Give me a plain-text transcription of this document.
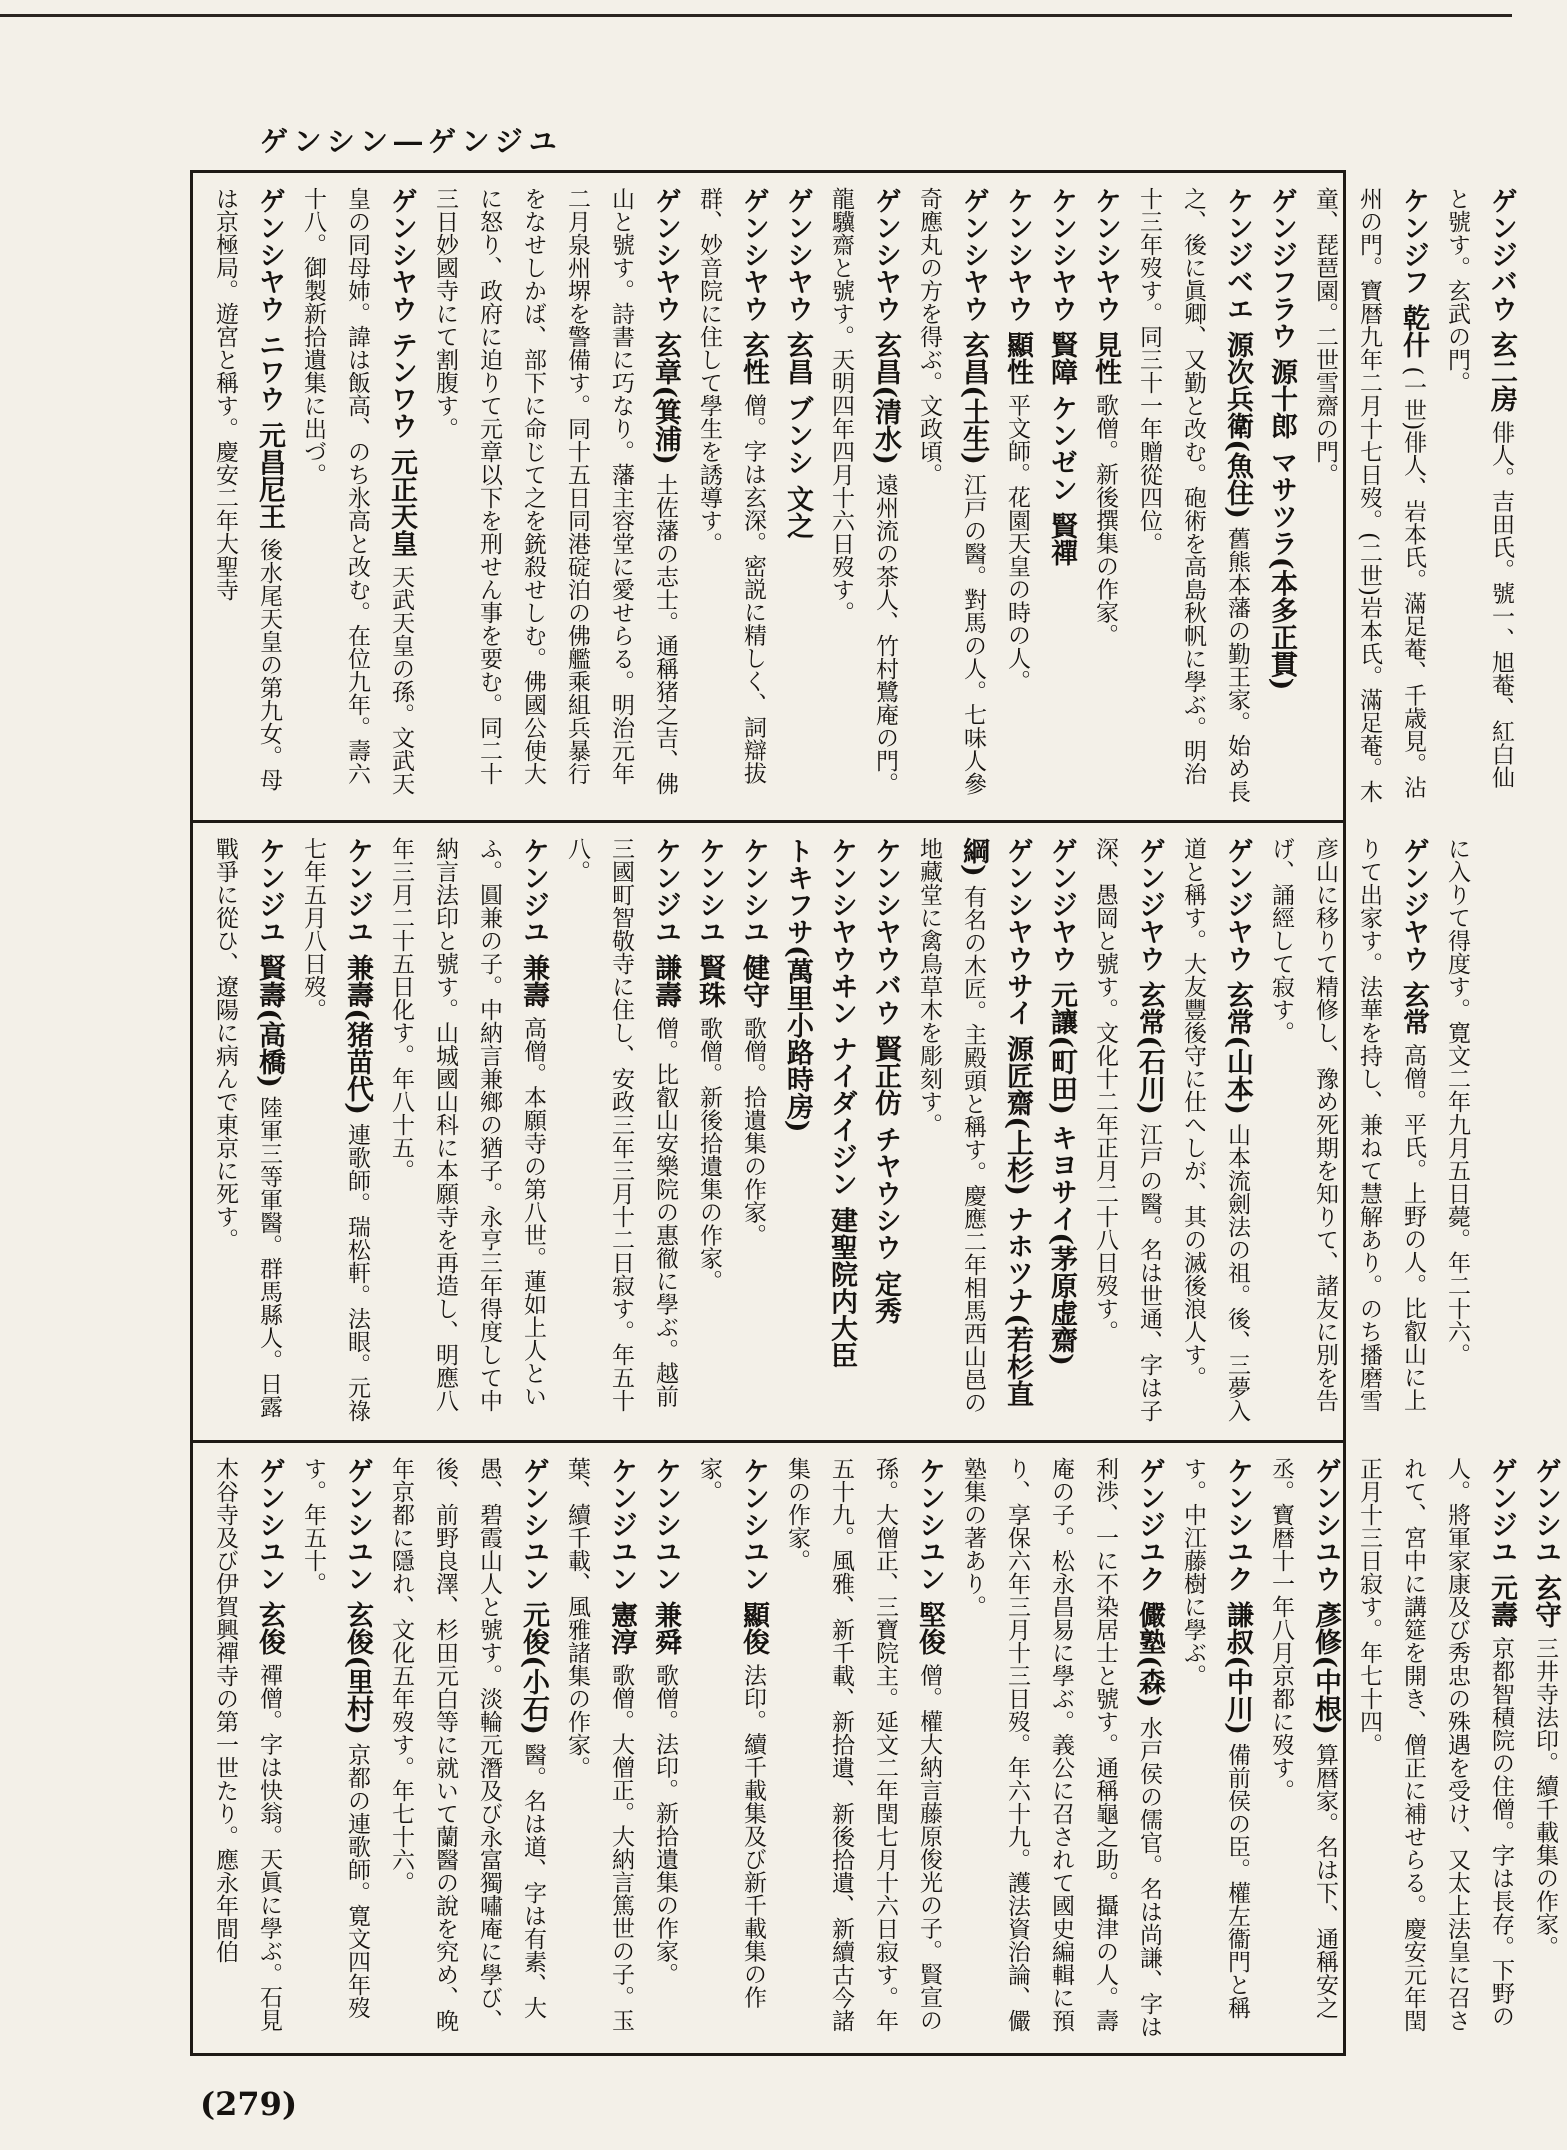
ゲンシン―ゲンジユ
ゲンジバウ 玄二房 俳人。吉田氏。號一、旭菴、紅白仙と號す。玄武の門。
ケンジフ 乾什 (一世)俳人、岩本氏。滿足菴、千歳見。沾州の門。寶暦九年二月十七日歿。(二世)岩本氏。滿足菴。木童、琵琶園。二世雪齋の門。
ゲンジフラウ 源十郎 マサツラ(本多正貫)
ケンジベエ 源次兵衛(魚住) 舊熊本藩の勤王家。始め長之、後に眞卿、又勤と改む。砲術を高島秋帆に學ぶ。明治十三年歿す。同三十一年贈從四位。
ケンシヤウ 見性 歌僧。新後撰集の作家。
ケンシヤウ 賢障 ケンゼン 賢禪
ケンシヤウ 顯性 平文師。花園天皇の時の人。
ゲンシヤウ 玄昌(土生) 江戸の醫。對馬の人。七味人參奇應丸の方を得ぶ。文政頃。
ゲンシヤウ 玄昌(清水) 遠州流の茶人、竹村鷺庵の門。龍驥齋と號す。天明四年四月十六日歿す。
ゲンシヤウ 玄昌 ブンシ 文之
ゲンシヤウ 玄性 僧。字は玄深。密説に精しく、詞辯拔群、妙音院に住して學生を誘導す。
ゲンシヤウ 玄章(箕浦) 土佐藩の志士。通稱猪之吉、佛山と號す。詩書に巧なり。藩主容堂に愛せらる。明治元年二月泉州堺を警備す。同十五日同港碇泊の佛艦乘組兵暴行をなせしかば、部下に命じて之を銃殺せしむ。佛國公使大に怒り、政府に迫りて元章以下を刑せん事を要む。同二十三日妙國寺にて割腹す。
ゲンシヤウ テンワウ 元正天皇 天武天皇の孫。文武天皇の同母姉。諱は飯高、のち氷高と改む。在位九年。壽六十八。御製新拾遺集に出づ。
ゲンシヤウ ニワウ 元昌尼王 後水尾天皇の第九女。母は京極局。遊宮と稱す。慶安二年大聖寺
に入りて得度す。寛文二年九月五日薨。年二十六。
ゲンジヤウ 玄常 高僧。平氏。上野の人。比叡山に上りて出家す。法華を持し、兼ねて慧解あり。のち播磨雪彦山に移りて精修し、豫め死期を知りて、諸友に別を告げ、誦經して寂す。
ゲンジヤウ 玄常(山本) 山本流劍法の祖。後、三夢入道と稱す。大友豐後守に仕へしが、其の滅後浪人す。
ゲンジヤウ 玄常(石川) 江戸の醫。名は世通、字は子深、愚岡と號す。文化十二年正月二十八日歿す。
ゲンジヤウ 元讓(町田) キヨサイ(茅原虚齋)
ゲンシヤウサイ 源匠齋(上杉) ナホツナ(若杉直綱) 有名の木匠。主殿頭と稱す。慶應二年相馬西山邑の地藏堂に禽鳥草木を彫刻す。
ケンシヤウバウ 賢正仿 チヤウシウ 定秀
ケンシヤウヰン ナイダイジン 建聖院内大臣
トキフサ(萬里小路時房)
ケンシユ 健守 歌僧。拾遺集の作家。
ケンシユ 賢珠 歌僧。新後拾遺集の作家。
ケンジユ 謙壽 僧。比叡山安樂院の惠徹に學ぶ。越前三國町智敬寺に住し、安政三年三月十二日寂す。年五十八。
ケンジユ 兼壽 高僧。本願寺の第八世。蓮如上人といふ。圓兼の子。中納言兼鄉の猶子。永亨三年得度して中納言法印と號す。山城國山科に本願寺を再造し、明應八年三月二十五日化す。年八十五。
ケンジユ 兼壽(猪苗代) 連歌師。瑞松軒。法眼。元祿七年五月八日歿。
ケンジユ 賢壽(高橋) 陸軍三等軍醫。群馬縣人。日露戰爭に從ひ、遼陽に病んで東京に死す。
ゲンシユ 玄守 三井寺法印。續千載集の作家。
ゲンジユ 元壽 京都智積院の住僧。字は長存。下野の人。將軍家康及び秀忠の殊遇を受け、又太上法皇に召されて、宮中に講筵を開き、僧正に補せらる。慶安元年閏正月十三日寂す。年七十四。
ゲンシユウ 彥修(中根) 算暦家。名は下、通稱安之丞。寶暦十一年八月京都に歿す。
ケンシユク 謙叔(中川) 備前侯の臣。權左衞門と稱す。中江藤樹に學ぶ。
ゲンジユク 儼塾(森) 水戸侯の儒官。名は尚謙、字は利渉、一に不染居士と號す。通稱龜之助。攝津の人。壽庵の子。松永昌易に學ぶ。義公に召されて國史編輯に預り、享保六年三月十三日歿。年六十九。護法資治論、儼塾集の著あり。
ケンシユン 堅俊 僧。權大納言藤原俊光の子。賢宣の孫。大僧正、三寶院主。延文二年閏七月十六日寂す。年五十九。風雅、新千載、新拾遺、新後拾遺、新續古今諸集の作家。
ケンシユン 顯俊 法印。續千載集及び新千載集の作家。
ケンシユン 兼舜 歌僧。法印。新拾遺集の作家。
ケンジユン 憲淳 歌僧。大僧正。大納言篤世の子。玉葉、續千載、風雅諸集の作家。
ゲンシユン 元俊(小石) 醫。名は道、字は有素、大愚、碧霞山人と號す。淡輪元潛及び永富獨嘯庵に學び、後、前野良澤、杉田元白等に就いて蘭醫の說を究め、晚年京都に隱れ、文化五年歿す。年七十六。
ゲンシユン 玄俊(里村) 京都の連歌師。寛文四年歿す。年五十。
ゲンシユン 玄俊 禪僧。字は快翁。天眞に學ぶ。石見木谷寺及び伊賀興禪寺の第一世たり。應永年間伯
(279)
